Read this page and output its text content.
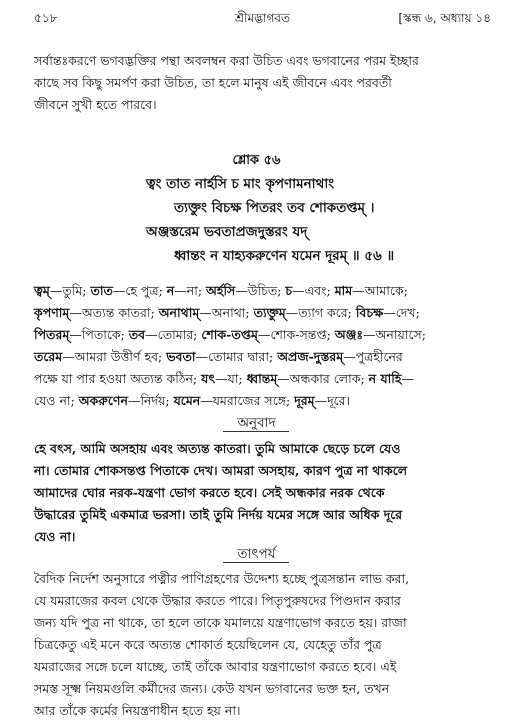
৫১৮	শ্রীমদ্ভাগবত	[স্কন্ধ ৬, অধ্যায় ১৪
সর্বান্তঃকরণে ভগবদ্ভক্তির পন্থা অবলম্বন করা উচিত এবং ভগবানের পরম ইচ্ছার
কাছে সব কিছু সমর্পণ করা উচিত, তা হলে মানুষ এই জীবনে এবং পরবর্তী
জীবনে সুখী হতে পারবে।
শ্লোক ৫৬
ত্বং তাত নার্হসি চ মাং কৃপণামনাথাং
ত্যক্তুং বিচক্ষ পিতরং তব শোকতপ্তম্ ।
অঞ্জস্তরেম ভবতাপ্রজদুস্তরং যদ্
ধ্বান্তং ন যাহ্যকরুণেন যমেন দূরম্ ॥ ৫৬ ॥
ত্বম্—তুমি; তাত—হে পুত্র; ন—না; অর্হসি—উচিত; চ—এবং; মাম—আমাকে;
কৃপণাম্—অত্যন্ত কাতরা; অনাথাম্—অনাথা; ত্যক্তুম্—ত্যাগ করে; বিচক্ষ—দেখ;
পিতরম্—পিতাকে; তব—তোমার; শোক-তপ্তম্—শোক-সন্তপ্ত; অঞ্জঃ—অনায়াসে;
তরেম—আমরা উত্তীর্ণ হব; ভবতা—তোমার দ্বারা; অপ্রজ-দুস্তরম্—পুত্রহীনের
পক্ষে যা পার হওয়া অত্যন্ত কঠিন; যৎ—যা; ধ্বান্তম্—অন্ধকার লোক; ন যাহি—
যেও না; অকরুণেন—নির্দয়; যমেন—যমরাজের সঙ্গে; দূরম্—দূরে।
অনুবাদ
হে বৎস, আমি অসহায় এবং অত্যন্ত কাতরা। তুমি আমাকে ছেড়ে চলে যেও
না। তোমার শোকসন্তপ্ত পিতাকে দেখ। আমরা অসহায়, কারণ পুত্র না থাকলে
আমাদের ঘোর নরক-যন্ত্রণা ভোগ করতে হবে। সেই অন্ধকার নরক থেকে
উদ্ধারের তুমিই একমাত্র ভরসা। তাই তুমি নির্দয় যমের সঙ্গে আর অধিক দূরে
যেও না।
তাৎপর্য
বৈদিক নির্দেশ অনুসারে পত্নীর পাণিগ্রহণের উদ্দেশ্য হচ্ছে পুত্রসন্তান লাভ করা,
যে যমরাজের কবল থেকে উদ্ধার করতে পারে। পিতৃপুরুষদের পিণ্ডদান করার
জন্য যদি পুত্র না থাকে, তা হলে তাকে যমালয়ে যন্ত্রণাভোগ করতে হয়। রাজা
চিত্রকেতু এই মনে করে অত্যন্ত শোকার্ত হয়েছিলেন যে, যেহেতু তাঁর পুত্র
যমরাজের সঙ্গে চলে যাচ্ছে, তাই তাঁকে আবার যন্ত্রণাভোগ করতে হবে। এই
সমস্ত সূক্ষ্ম নিয়মগুলি কর্মীদের জন্য। কেউ যখন ভগবানের ভক্ত হন, তখন
আর তাঁকে কর্মের নিয়ন্ত্রণাধীন হতে হয় না।
